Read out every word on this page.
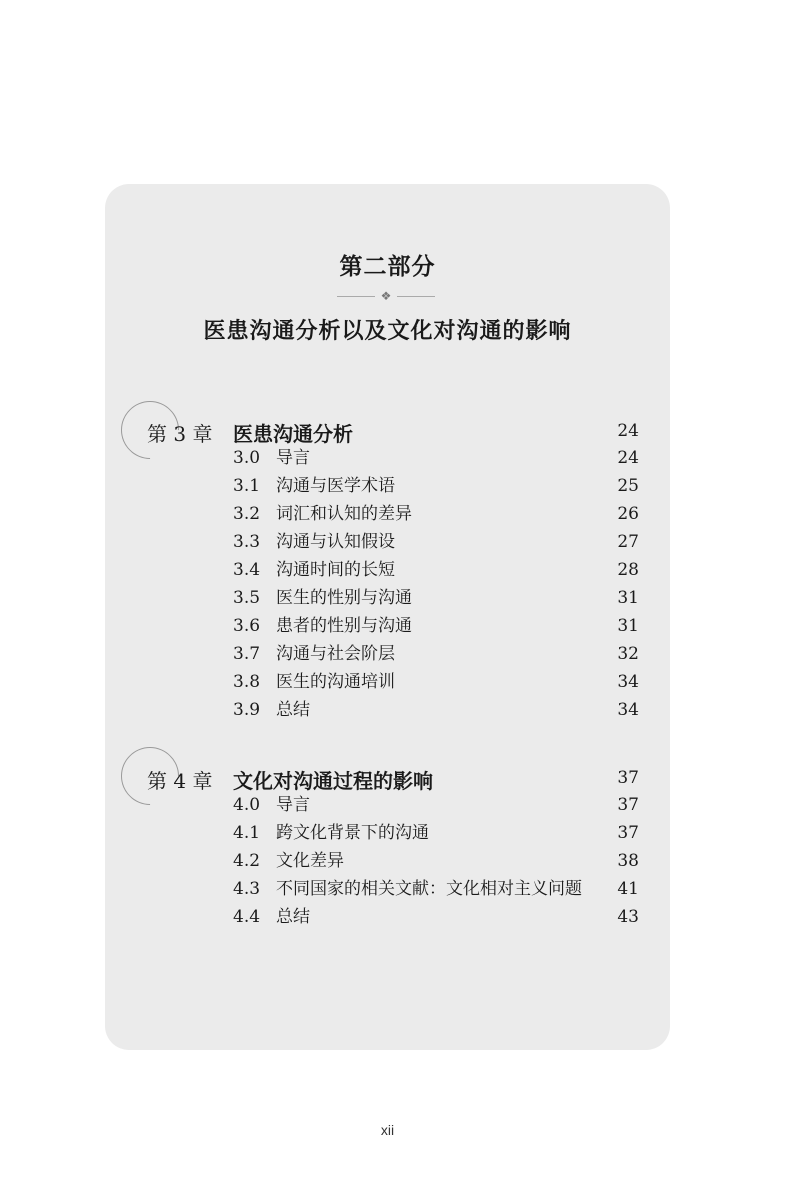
第二部分
❖
医患沟通分析以及文化对沟通的影响
第 3 章 医患沟通分析	24
3.0 导言	24
3.1 沟通与医学术语	25
3.2 词汇和认知的差异	26
3.3 沟通与认知假设	27
3.4 沟通时间的长短	28
3.5 医生的性别与沟通	31
3.6 患者的性别与沟通	31
3.7 沟通与社会阶层	32
3.8 医生的沟通培训	34
3.9 总结	34
第 4 章 文化对沟通过程的影响	37
4.0 导言	37
4.1 跨文化背景下的沟通	37
4.2 文化差异	38
4.3 不同国家的相关文献：文化相对主义问题 41
4.4 总结	43
xii
